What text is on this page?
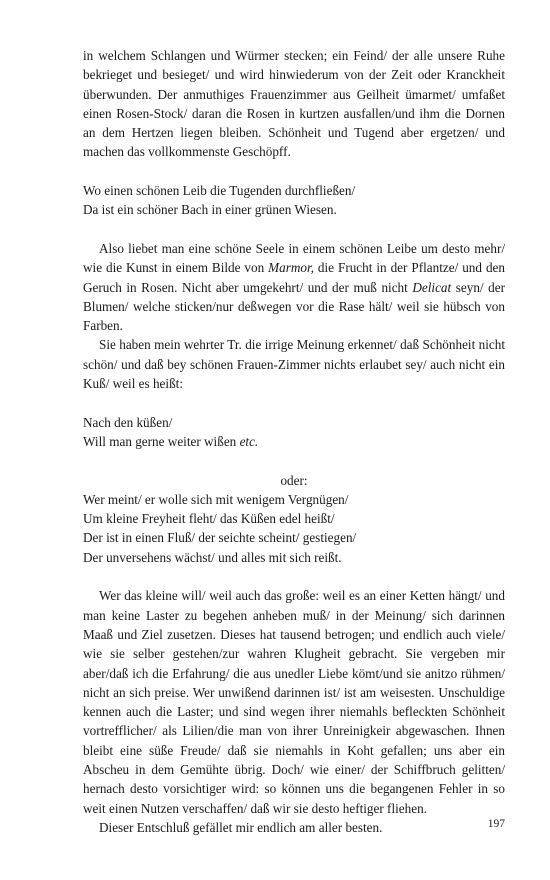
in welchem Schlangen und Würmer stecken; ein Feind/ der alle unsere Ruhe bekrieget und besieget/ und wird hinwiederum von der Zeit oder Kranckheit überwunden. Der anmuthiges Frauenzimmer aus Geilheit ümarmet/ umfaßet einen Rosen-Stock/ daran die Rosen in kurtzen ausfallen/und ihm die Dornen an dem Hertzen liegen bleiben. Schönheit und Tugend aber ergetzen/ und machen das vollkommenste Geschöpff.

Wo einen schönen Leib die Tugenden durchfließen/

Da ist ein schöner Bach in einer grünen Wiesen.

Also liebet man eine schöne Seele in einem schönen Leibe um desto mehr/ wie die Kunst in einem Bilde von Marmor, die Frucht in der Pflantze/ und den Geruch in Rosen. Nicht aber umgekehrt/ und der muß nicht Delicat seyn/ der Blumen/ welche sticken/nur deßwegen vor die Rase hält/ weil sie hübsch von Farben.

Sie haben mein wehrter Tr. die irrige Meinung erkennet/ daß Schönheit nicht schön/ und daß bey schönen Frauen-Zimmer nichts erlaubet sey/ auch nicht ein Kuß/ weil es heißt:

Nach den küßen/

Will man gerne weiter wißen etc.

oder:

Wer meint/ er wolle sich mit wenigem Vergnügen/

Um kleine Freyheit fleht/ das Küßen edel heißt/

Der ist in einen Fluß/ der seichte scheint/ gestiegen/

Der unversehens wächst/ und alles mit sich reißt.

Wer das kleine will/ weil auch das große: weil es an einer Ketten hängt/ und man keine Laster zu begehen anheben muß/ in der Meinung/ sich darinnen Maaß und Ziel zusetzen. Dieses hat tausend betrogen; und endlich auch viele/ wie sie selber gestehen/zur wahren Klugheit gebracht. Sie vergeben mir aber/daß ich die Erfahrung/ die aus unedler Liebe kömt/und sie anitzo rühmen/ nicht an sich preise. Wer unwißend darinnen ist/ ist am weisesten. Unschuldige kennen auch die Laster; und sind wegen ihrer niemahls befleckten Schönheit vortrefflicher/ als Lilien/die man von ihrer Unreinigkeir abgewaschen. Ihnen bleibt eine süße Freude/ daß sie niemahls in Koht gefallen; uns aber ein Abscheu in dem Gemühte übrig. Doch/ wie einer/ der Schiffbruch gelitten/ hernach desto vorsichtiger wird: so können uns die begangenen Fehler in so weit einen Nutzen verschaffen/ daß wir sie desto heftiger fliehen.

Dieser Entschluß gefället mir endlich am aller besten.	197
